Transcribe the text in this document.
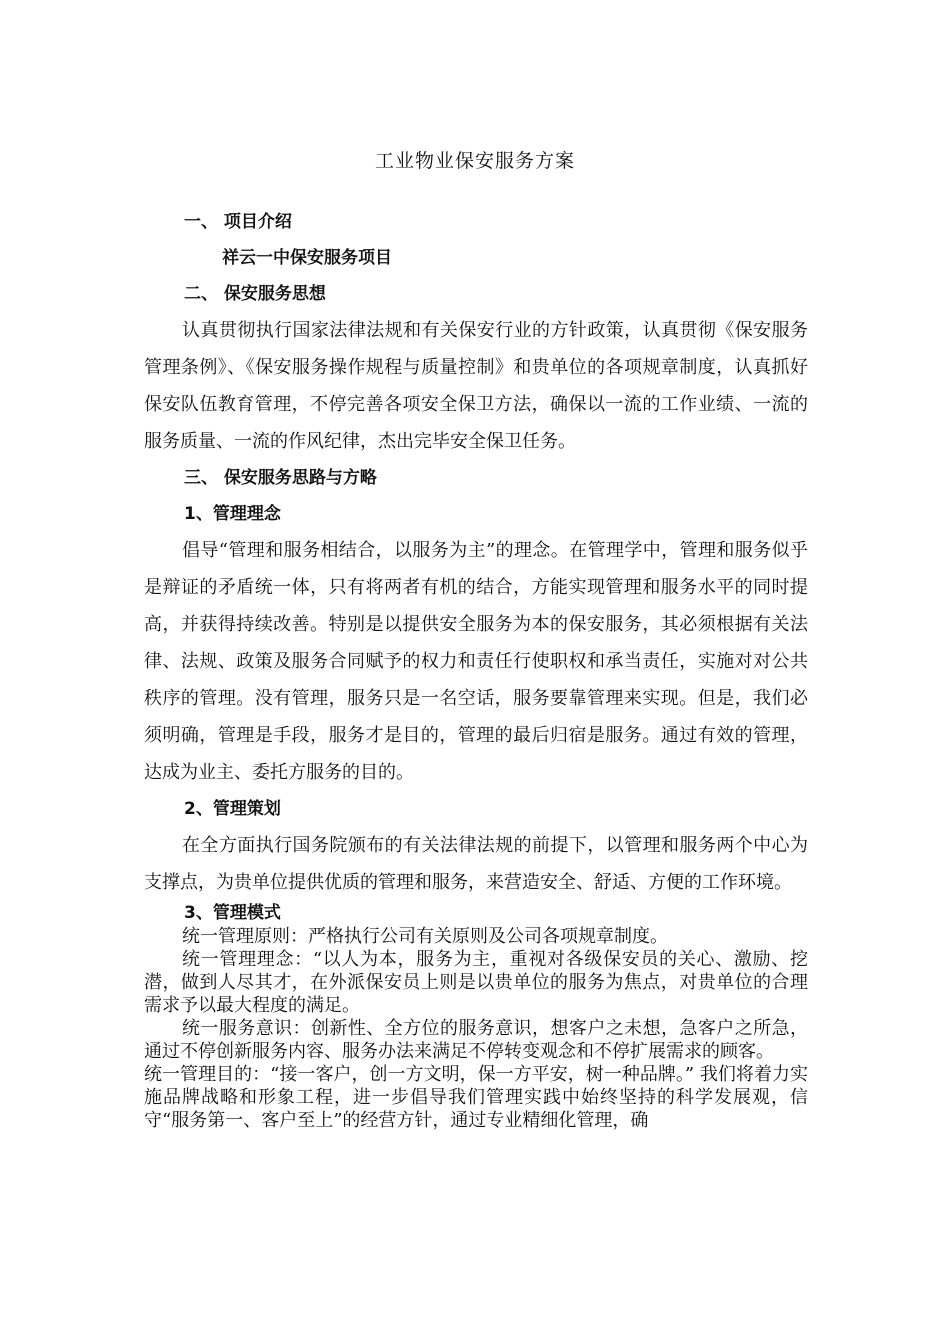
工业物业保安服务方案
一、 项目介绍
祥云一中保安服务项目
二、 保安服务思想

认真贯彻执行国家法律法规和有关保安行业的方针政策，认真贯彻《保安服务管理条例》、《保安服务操作规程与质量控制》和贵单位的各项规章制度，认真抓好保安队伍教育管理，不停完善各项安全保卫方法，确保以一流的工作业绩、一流的服务质量、一流的作风纪律，杰出完毕安全保卫任务。

三、 保安服务思路与方略
1、管理理念

倡导“管理和服务相结合，以服务为主”的理念。在管理学中，管理和服务似乎是辩证的矛盾统一体，只有将两者有机的结合，方能实现管理和服务水平的同时提高，并获得持续改善。特别是以提供安全服务为本的保安服务，其必须根据有关法律、法规、政策及服务合同赋予的权力和责任行使职权和承当责任，实施对对公共秩序的管理。没有管理，服务只是一名空话，服务要靠管理来实现。但是，我们必须明确，管理是手段，服务才是目的，管理的最后归宿是服务。通过有效的管理，达成为业主、委托方服务的目的。

2、管理策划

在全方面执行国务院颁布的有关法律法规的前提下，以管理和服务两个中心为支撑点，为贵单位提供优质的管理和服务，来营造安全、舒适、方便的工作环境。

3、管理模式

统一管理原则：严格执行公司有关原则及公司各项规章制度。

统一管理理念：“以人为本，服务为主，重视对各级保安员的关心、激励、挖潜，做到人尽其才，在外派保安员上则是以贵单位的服务为焦点，对贵单位的合理需求予以最大程度的满足。

统一服务意识：创新性、全方位的服务意识，想客户之未想，急客户之所急，通过不停创新服务内容、服务办法来满足不停转变观念和不停扩展需求的顾客。

统一管理目的：“接一客户，创一方文明，保一方平安，树一种品牌。” 我们将着力实施品牌战略和形象工程，进一步倡导我们管理实践中始终坚持的科学发展观，信守“服务第一、客户至上”的经营方针，通过专业精细化管理，确
